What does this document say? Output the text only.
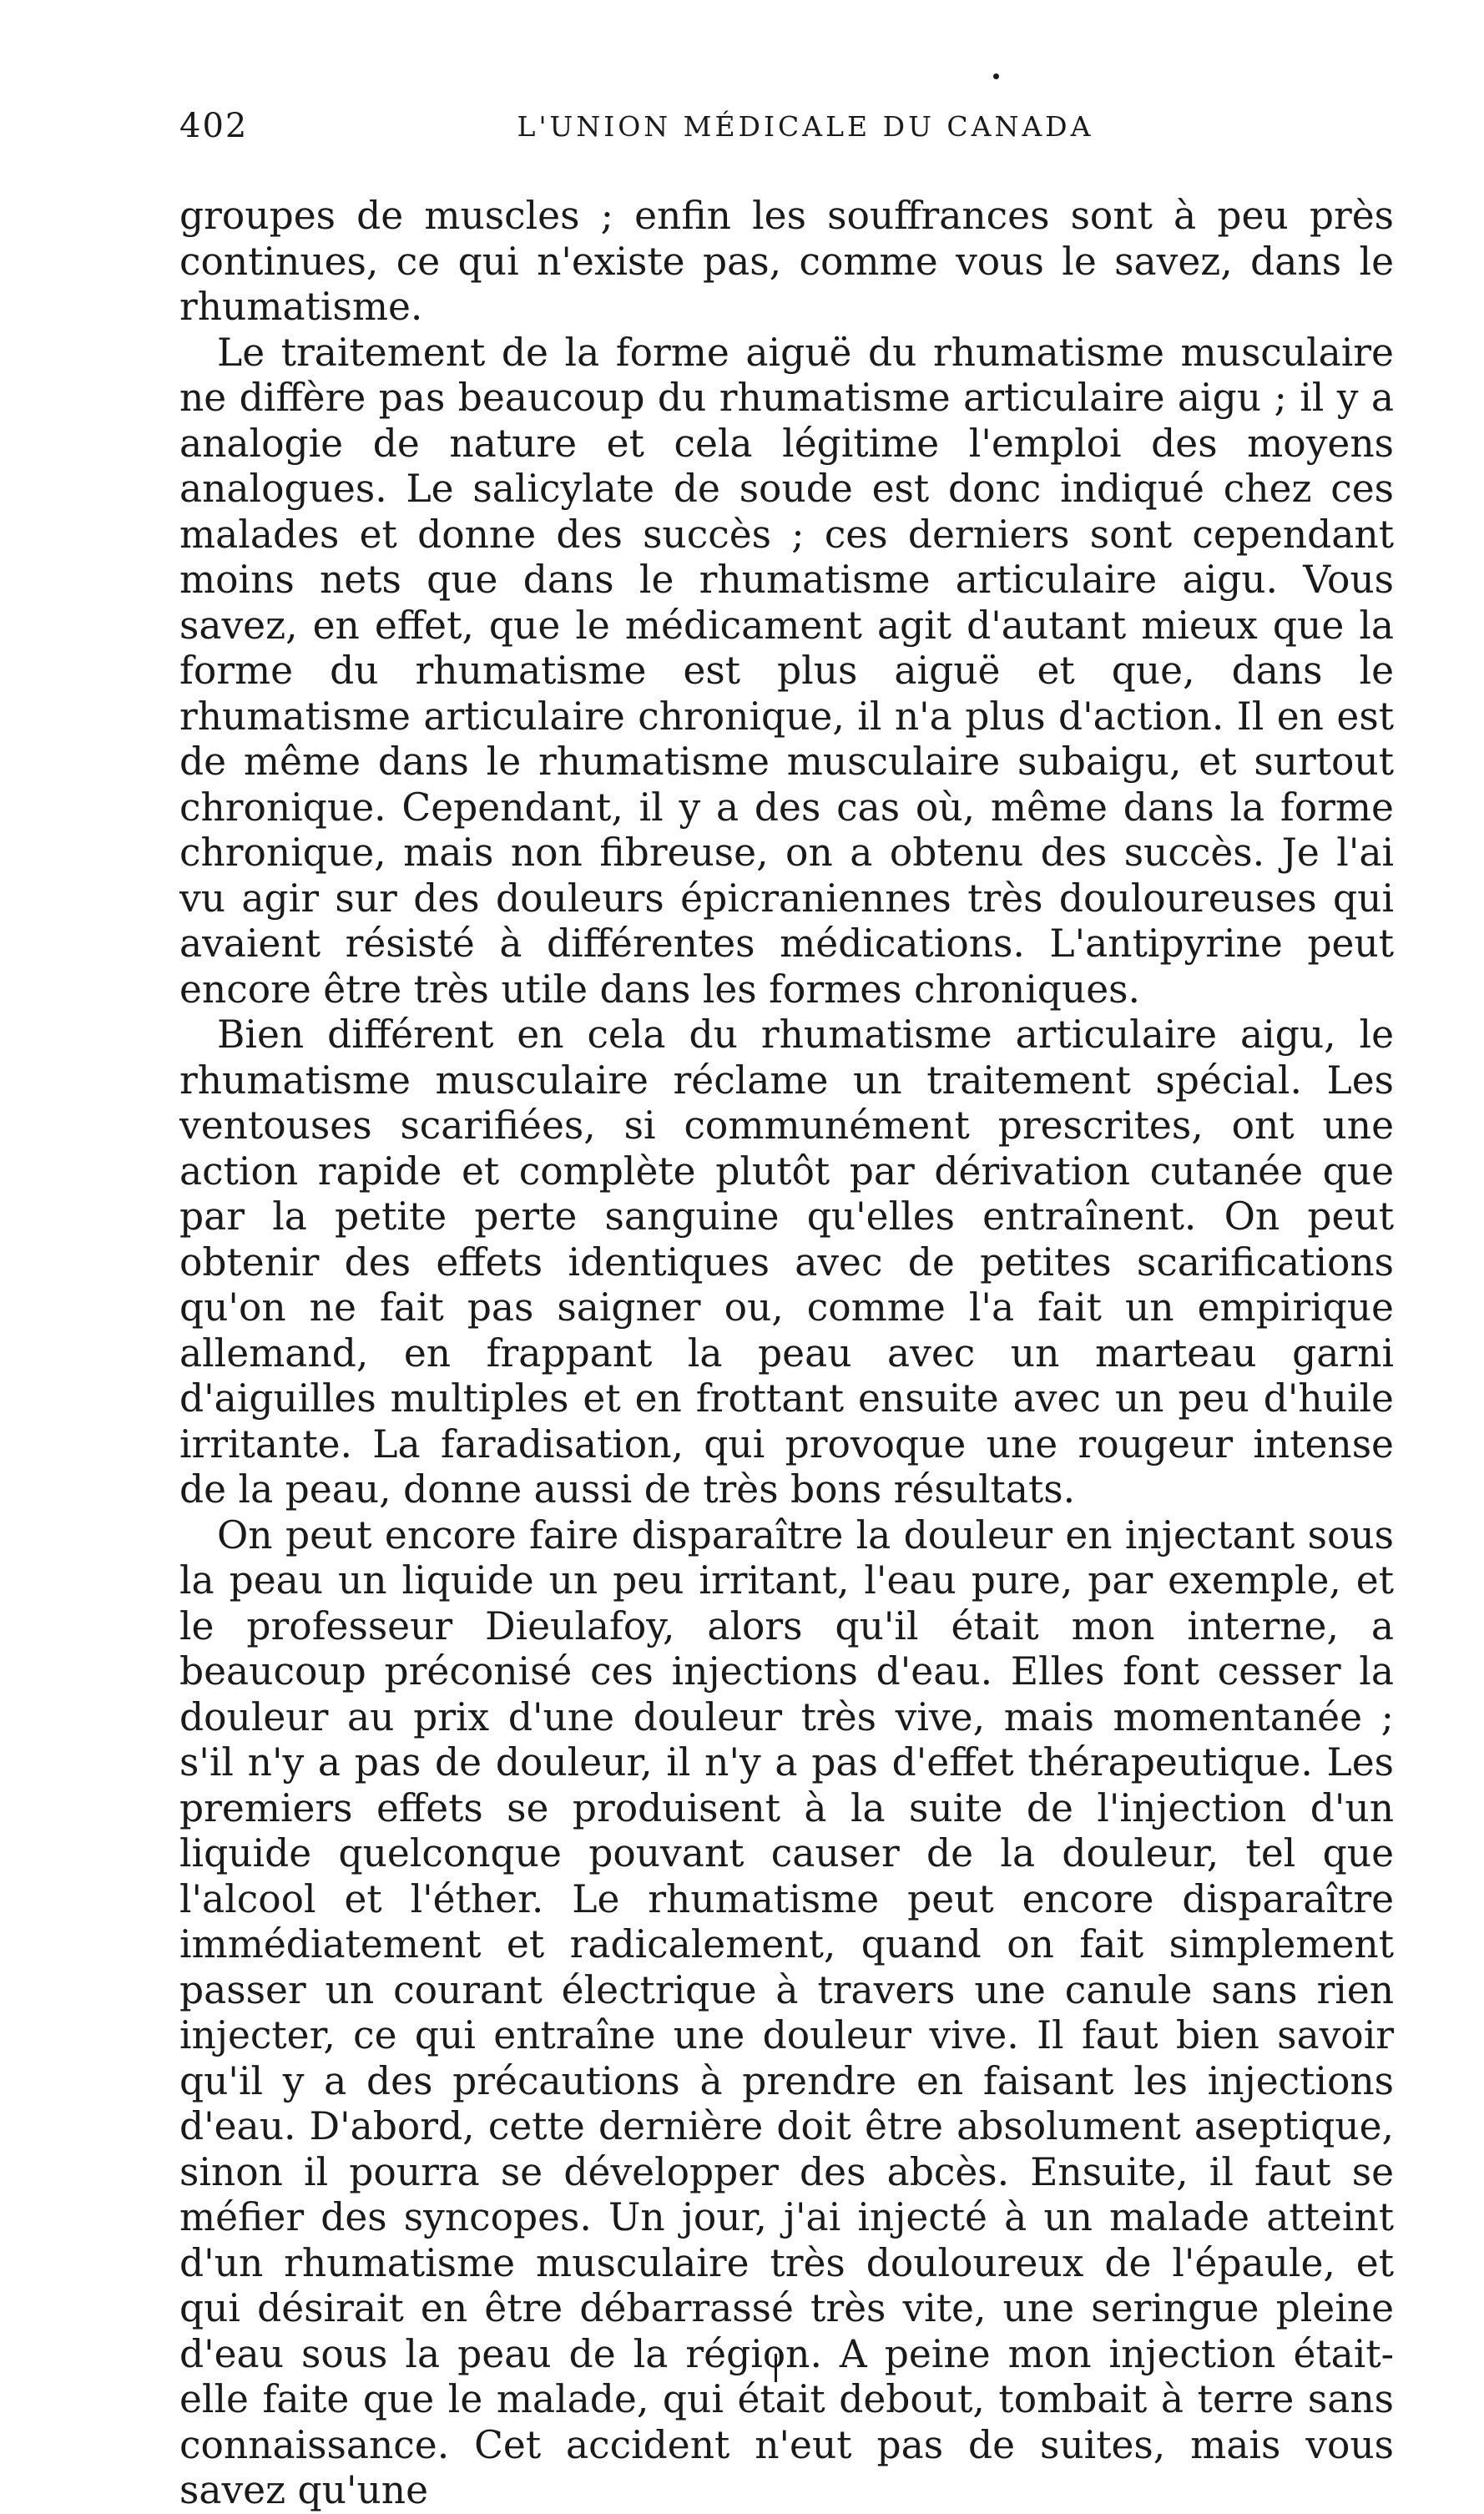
402	L'UNION MÉDICALE DU CANADA

groupes de muscles ; enfin les souffrances sont à peu près continues, ce qui n'existe pas, comme vous le savez, dans le rhumatisme.

Le traitement de la forme aiguë du rhumatisme musculaire ne diffère pas beaucoup du rhumatisme articulaire aigu ; il y a analogie de nature et cela légitime l'emploi des moyens analogues. Le salicylate de soude est donc indiqué chez ces malades et donne des succès ; ces derniers sont cependant moins nets que dans le rhumatisme articulaire aigu. Vous savez, en effet, que le médicament agit d'autant mieux que la forme du rhumatisme est plus aiguë et que, dans le rhumatisme articulaire chronique, il n'a plus d'action. Il en est de même dans le rhumatisme musculaire subaigu, et surtout chronique. Cependant, il y a des cas où, même dans la forme chronique, mais non fibreuse, on a obtenu des succès. Je l'ai vu agir sur des douleurs épicraniennes très douloureuses qui avaient résisté à différentes médications. L'antipyrine peut encore être très utile dans les formes chroniques.

Bien différent en cela du rhumatisme articulaire aigu, le rhumatisme musculaire réclame un traitement spécial. Les ventouses scarifiées, si communément prescrites, ont une action rapide et complète plutôt par dérivation cutanée que par la petite perte sanguine qu'elles entraînent. On peut obtenir des effets identiques avec de petites scarifications qu'on ne fait pas saigner ou, comme l'a fait un empirique allemand, en frappant la peau avec un marteau garni d'aiguilles multiples et en frottant ensuite avec un peu d'huile irritante. La faradisation, qui provoque une rougeur intense de la peau, donne aussi de très bons résultats.

On peut encore faire disparaître la douleur en injectant sous la peau un liquide un peu irritant, l'eau pure, par exemple, et le professeur Dieulafoy, alors qu'il était mon interne, a beaucoup préconisé ces injections d'eau. Elles font cesser la douleur au prix d'une douleur très vive, mais momentanée ; s'il n'y a pas de douleur, il n'y a pas d'effet thérapeutique. Les premiers effets se produisent à la suite de l'injection d'un liquide quelconque pouvant causer de la douleur, tel que l'alcool et l'éther. Le rhumatisme peut encore disparaître immédiatement et radicalement, quand on fait simplement passer un courant électrique à travers une canule sans rien injecter, ce qui entraîne une douleur vive. Il faut bien savoir qu'il y a des précautions à prendre en faisant les injections d'eau. D'abord, cette dernière doit être absolument aseptique, sinon il pourra se développer des abcès. Ensuite, il faut se méfier des syncopes. Un jour, j'ai injecté à un malade atteint d'un rhumatisme musculaire très douloureux de l'épaule, et qui désirait en être débarrassé très vite, une seringue pleine d'eau sous la peau de la région. A peine mon injection était-elle faite que le malade, qui était debout, tombait à terre sans connaissance. Cet accident n'eut pas de suites, mais vous savez qu'une
